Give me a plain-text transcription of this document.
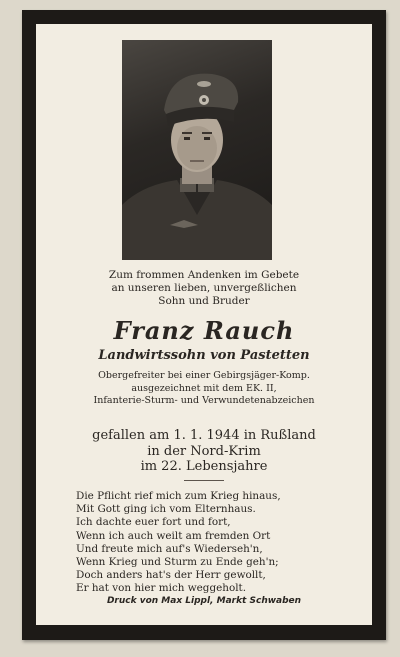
Zum frommen Andenken im Gebete
an unseren lieben, unvergeßlichen
Sohn und Bruder
Franz Rauch
Landwirtssohn von Pastetten
Obergefreiter bei einer Gebirgsjäger-Komp.
ausgezeichnet mit dem EK. II,
Infanterie-Sturm- und Verwundetenabzeichen
gefallen am 1. 1. 1944 in Rußland
in der Nord-Krim
im 22. Lebensjahre
Die Pflicht rief mich zum Krieg hinaus,
Mit Gott ging ich vom Elternhaus.
Ich dachte euer fort und fort,
Wenn ich auch weilt am fremden Ort
Und freute mich auf's Wiederseh'n,
Wenn Krieg und Sturm zu Ende geh'n;
Doch anders hat's der Herr gewollt,
Er hat von hier mich weggeholt.
Druck von Max Lippl, Markt Schwaben
